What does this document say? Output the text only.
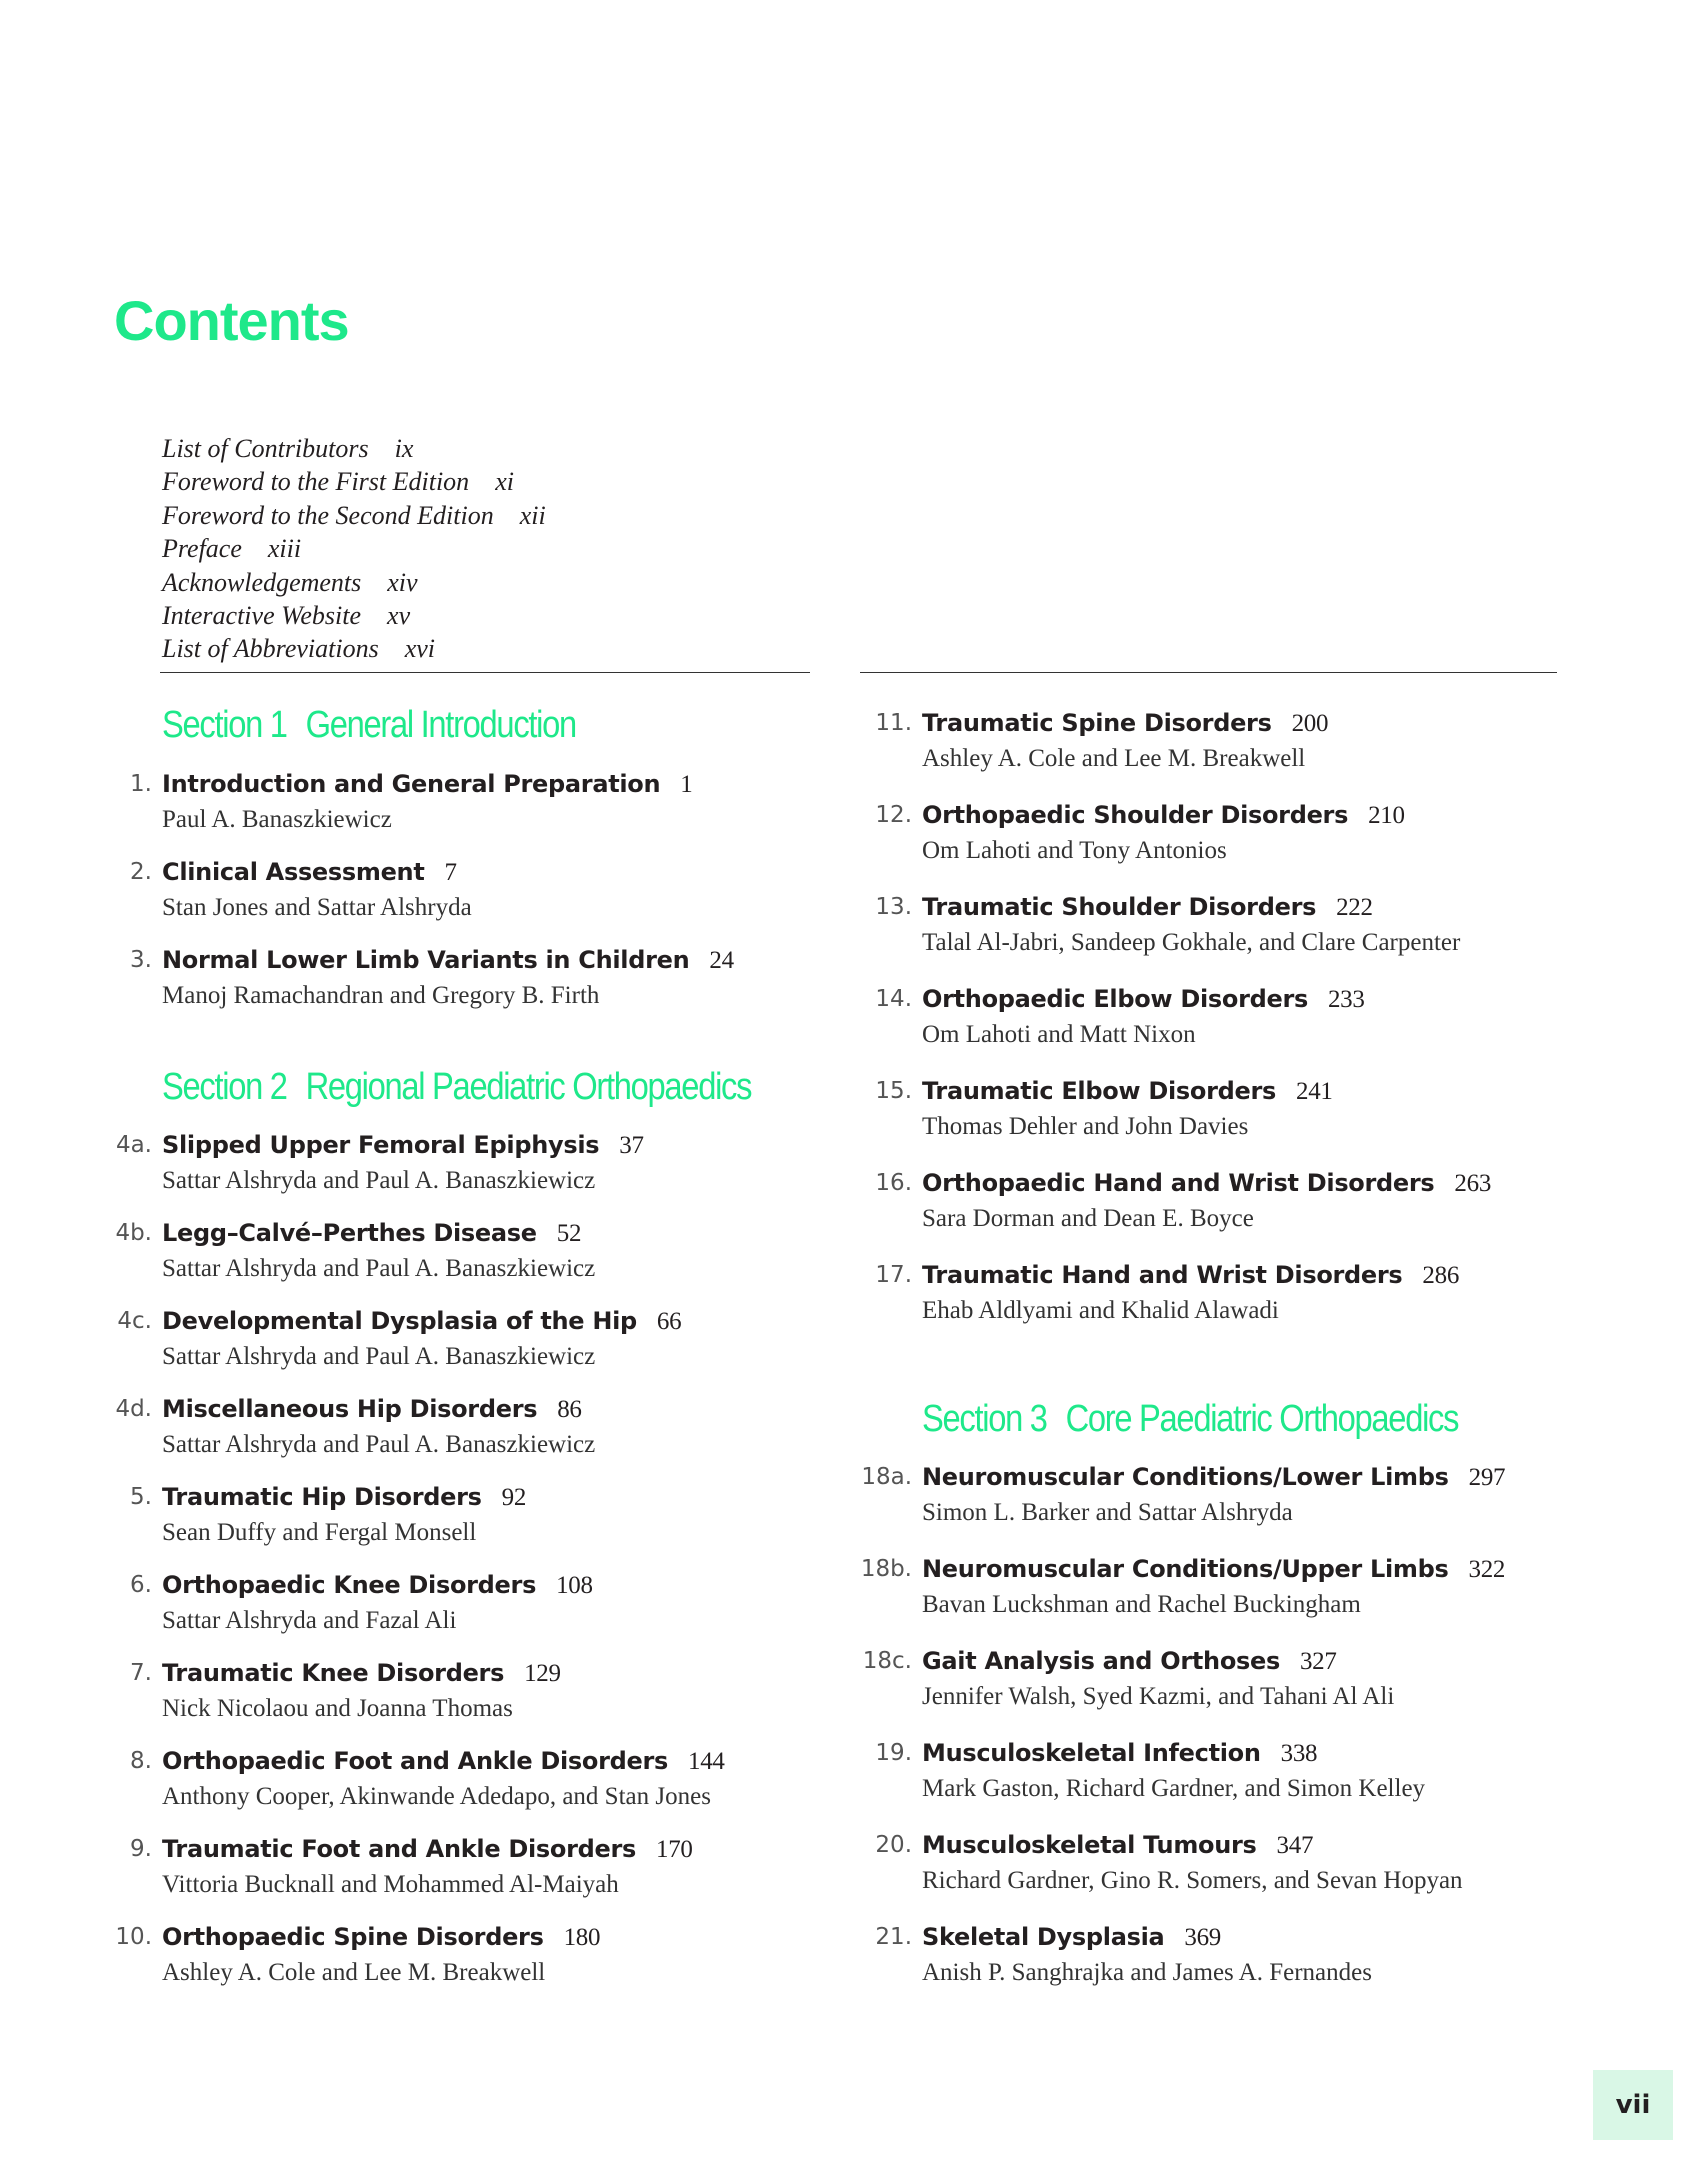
Contents
List of Contributors ix
Foreword to the First Edition xi
Foreword to the Second Edition xii
Preface xiii
Acknowledgements xiv
Interactive Website xv
List of Abbreviations xvi
Section 1 General Introduction
Section 2 Regional Paediatric Orthopaedics
Section 3 Core Paediatric Orthopaedics
1. Introduction and General Preparation 1
Paul A. Banaszkiewicz
2. Clinical Assessment 7
Stan Jones and Sattar Alshryda
3. Normal Lower Limb Variants in Children 24
Manoj Ramachandran and Gregory B. Firth
4a. Slipped Upper Femoral Epiphysis 37
Sattar Alshryda and Paul A. Banaszkiewicz
4b. Legg–Calvé–Perthes Disease 52
Sattar Alshryda and Paul A. Banaszkiewicz
4c. Developmental Dysplasia of the Hip 66
Sattar Alshryda and Paul A. Banaszkiewicz
4d. Miscellaneous Hip Disorders 86
Sattar Alshryda and Paul A. Banaszkiewicz
5. Traumatic Hip Disorders 92
Sean Duffy and Fergal Monsell
6. Orthopaedic Knee Disorders 108
Sattar Alshryda and Fazal Ali
7. Traumatic Knee Disorders 129
Nick Nicolaou and Joanna Thomas
8. Orthopaedic Foot and Ankle Disorders 144
Anthony Cooper, Akinwande Adedapo, and Stan Jones
9. Traumatic Foot and Ankle Disorders 170
Vittoria Bucknall and Mohammed Al-Maiyah
10. Orthopaedic Spine Disorders 180
Ashley A. Cole and Lee M. Breakwell
11. Traumatic Spine Disorders 200
Ashley A. Cole and Lee M. Breakwell
12. Orthopaedic Shoulder Disorders 210
Om Lahoti and Tony Antonios
13. Traumatic Shoulder Disorders 222
Talal Al-Jabri, Sandeep Gokhale, and Clare Carpenter
14. Orthopaedic Elbow Disorders 233
Om Lahoti and Matt Nixon
15. Traumatic Elbow Disorders 241
Thomas Dehler and John Davies
16. Orthopaedic Hand and Wrist Disorders 263
Sara Dorman and Dean E. Boyce
17. Traumatic Hand and Wrist Disorders 286
Ehab Aldlyami and Khalid Alawadi
18a. Neuromuscular Conditions/Lower Limbs 297
Simon L. Barker and Sattar Alshryda
18b. Neuromuscular Conditions/Upper Limbs 322
Bavan Luckshman and Rachel Buckingham
18c. Gait Analysis and Orthoses 327
Jennifer Walsh, Syed Kazmi, and Tahani Al Ali
19. Musculoskeletal Infection 338
Mark Gaston, Richard Gardner, and Simon Kelley
20. Musculoskeletal Tumours 347
Richard Gardner, Gino R. Somers, and Sevan Hopyan
21. Skeletal Dysplasia 369
Anish P. Sanghrajka and James A. Fernandes
vii
